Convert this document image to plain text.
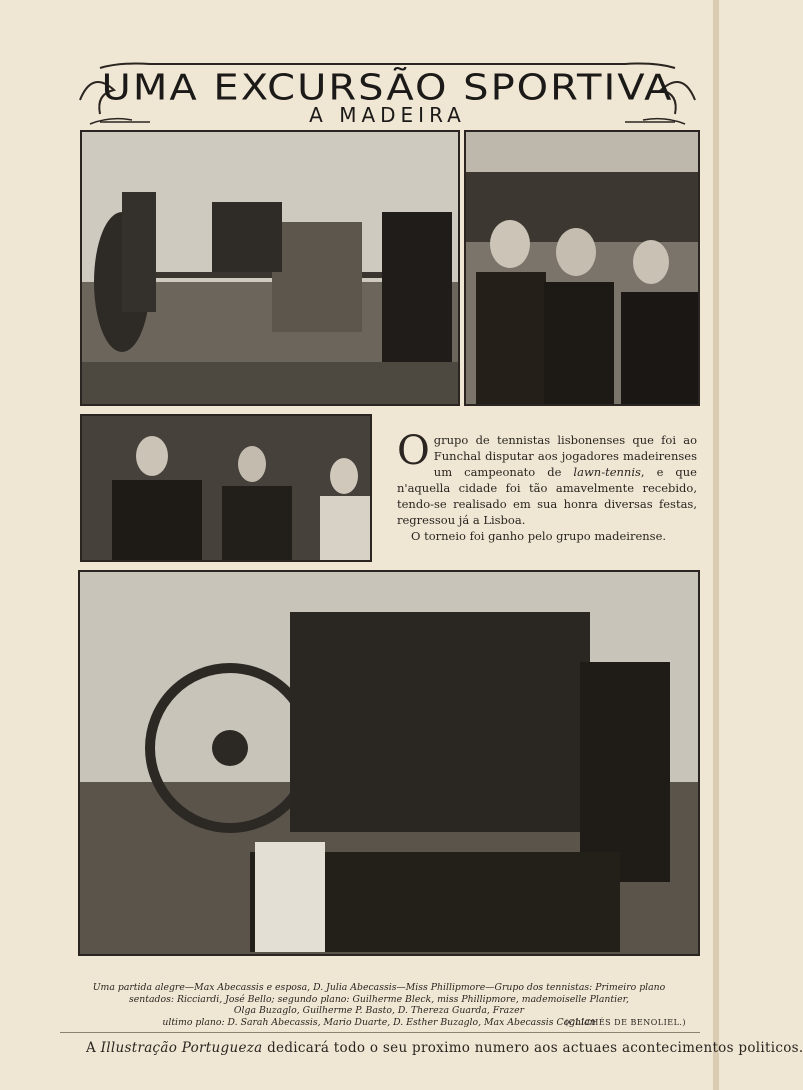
UMA EXCURSÃO SPORTIVA
A MADEIRA

O grupo de tennistas lisbonenses que foi ao Funchal disputar aos jogadores madeirenses um campeonato de lawn-tennis, e que n'aquella cidade foi tão amavelmente recebido, tendo-se realisado em sua honra diversas festas, regressou já a Lisboa.

O torneio foi ganho pelo grupo madeirense.

Uma partida alegre—Max Abecassis e esposa, D. Julia Abecassis—Miss Phillipmore—Grupo dos tennistas: Primeiro plano
sentados: Ricciardi, José Bello; segundo plano: Guilherme Bleck, miss Phillipmore, mademoiselle Plantier,
Olga Buzaglo, Guilherme P. Basto, D. Thereza Guarda, Frazer
ultimo plano: D. Sarah Abecassis, Mario Duarte, D. Esther Buzaglo, Max Abecassis Coghlan
(CLICHÉS DE BENOLIEL.)
A Illustração Portugueza dedicará todo o seu proximo numero aos actuaes acontecimentos politicos.
